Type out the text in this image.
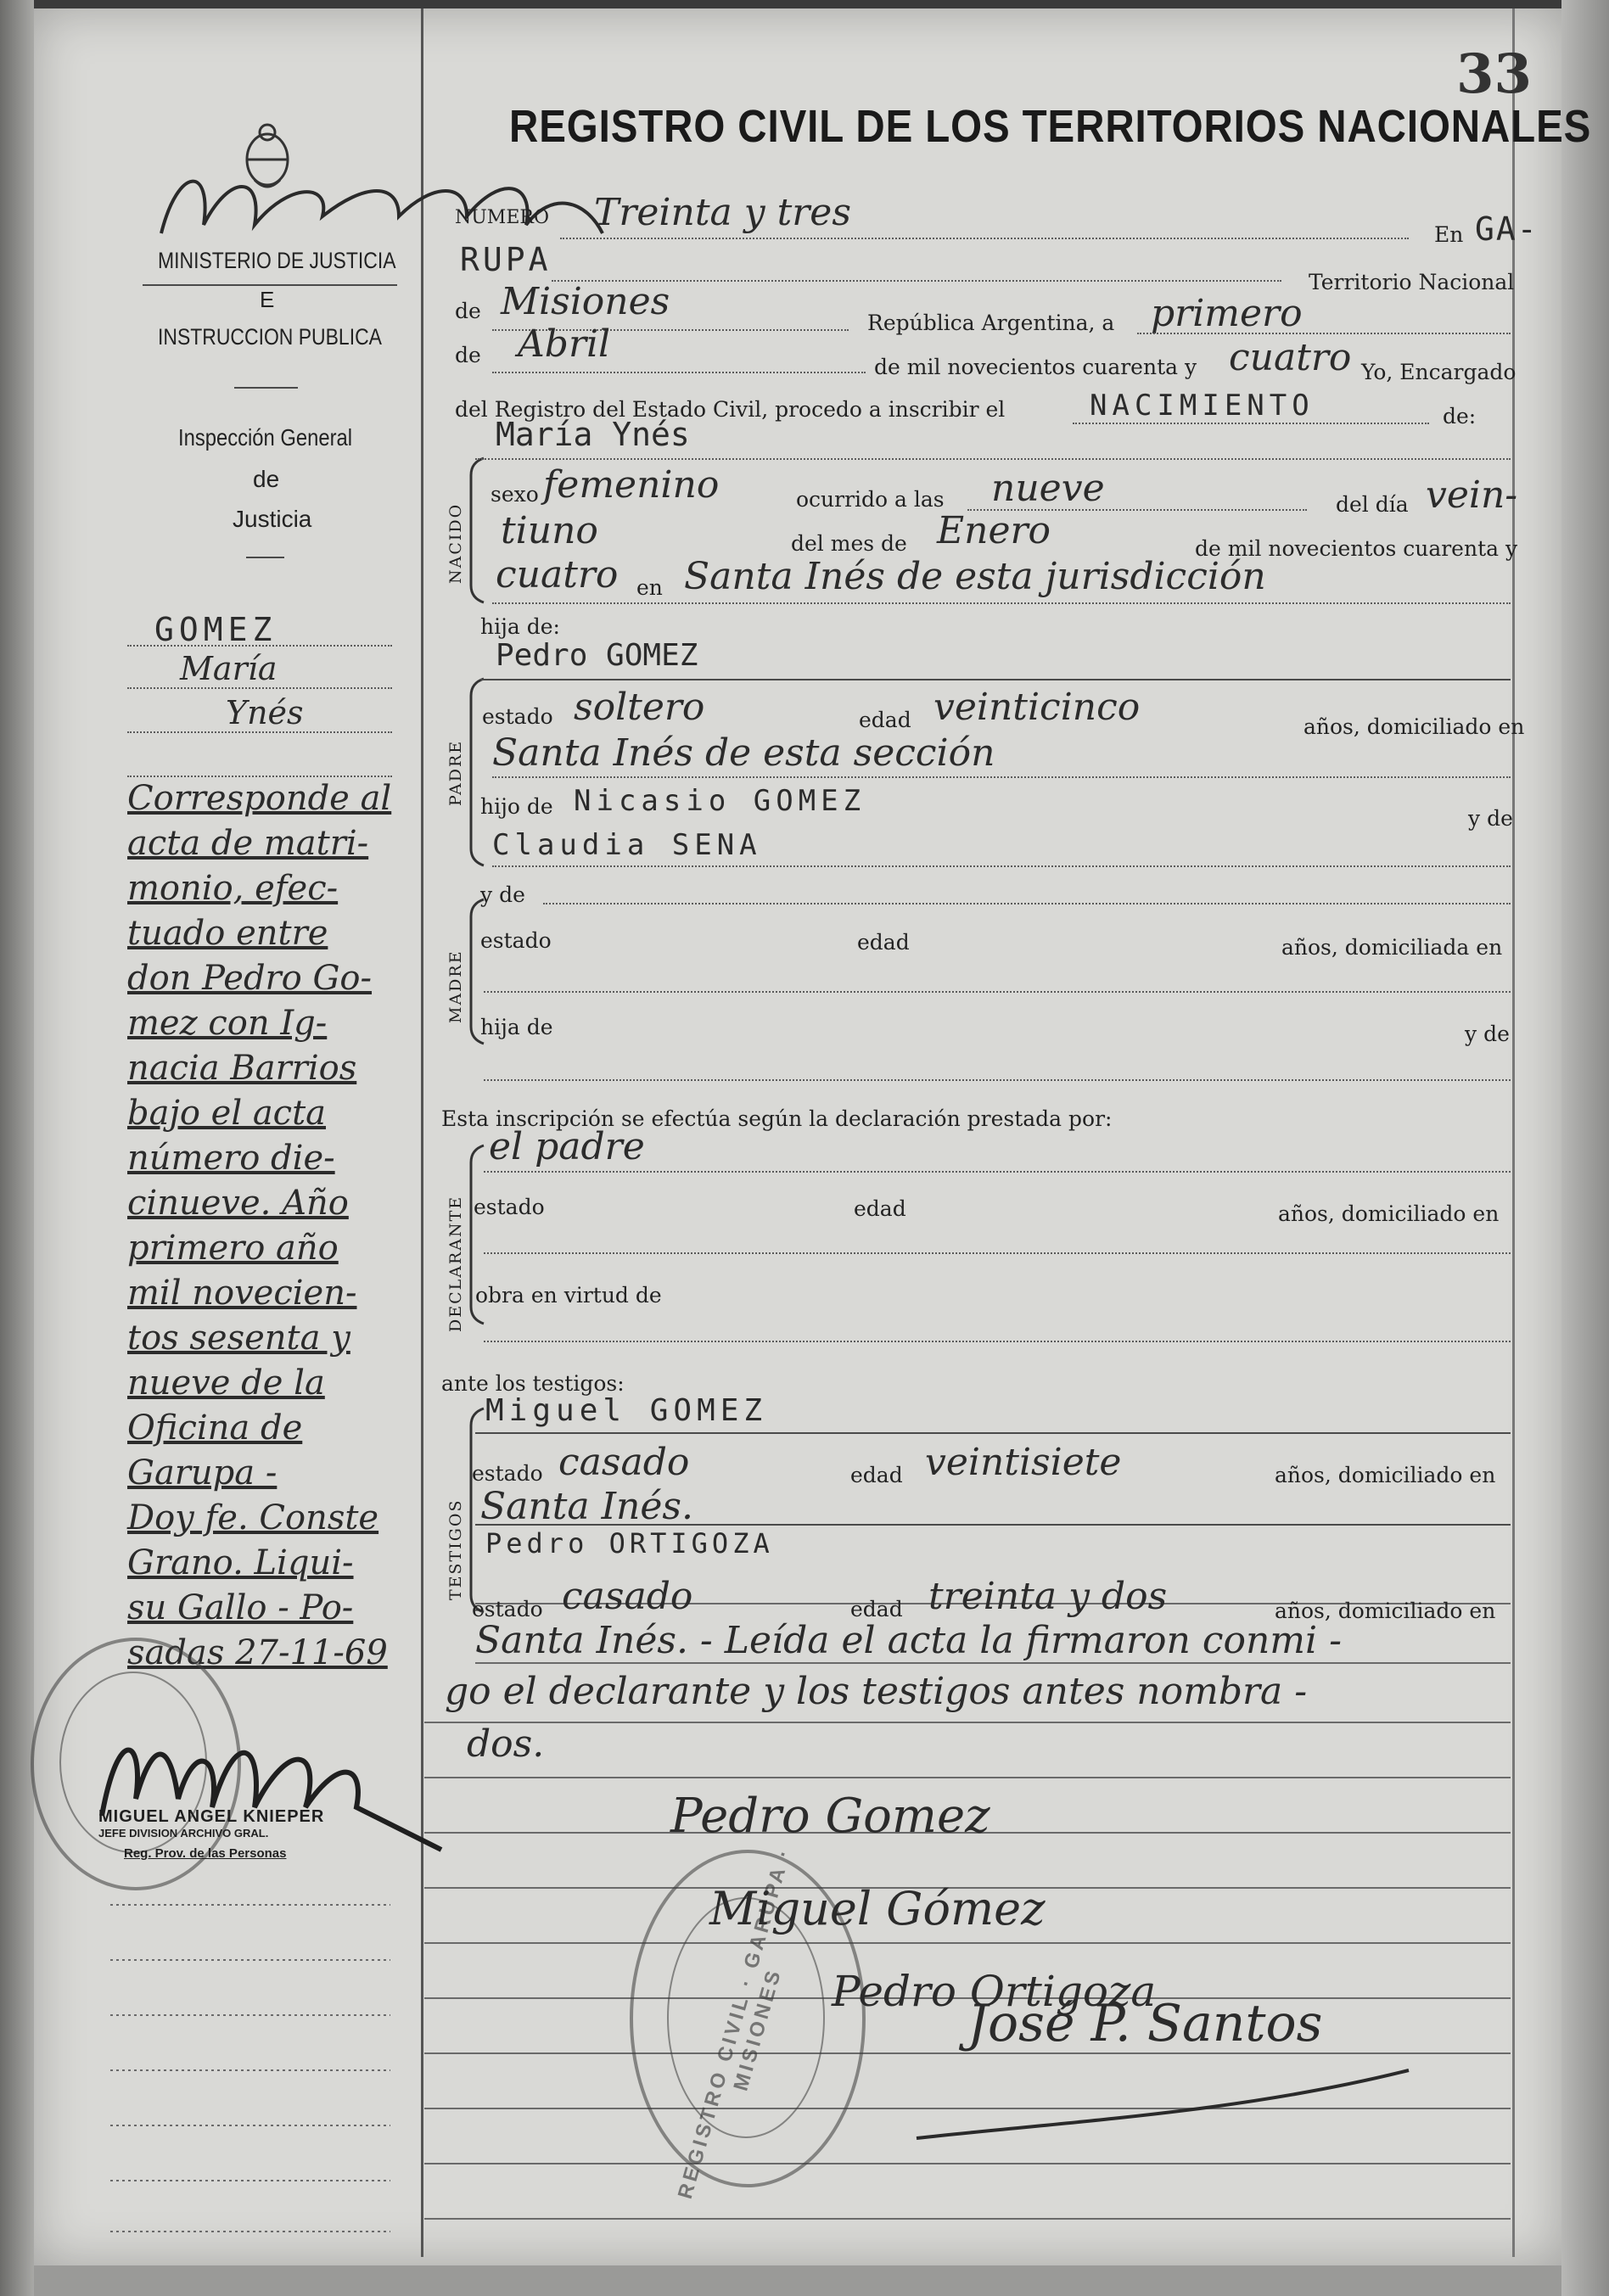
33
REGISTRO CIVIL DE LOS TERRITORIOS NACIONALES
MINISTERIO DE JUSTICIA
E
INSTRUCCION PUBLICA
Inspección General
de
Justicia
GOMEZ
María
Ynés
Corresponde al
acta de matri-
monio, efec-
tuado entre
don Pedro Go-
mez con Ig-
nacia Barrios
bajo el acta
número die-
cinueve. Año
primero año
mil novecien-
tos sesenta y
nueve de la
Oficina de
Garupa -
Doy fe. Conste
Grano. Liqui-
su Gallo - Po-
sadas 27-11-69
MIGUEL ANGEL KNIEPER
JEFE DIVISION ARCHIVO GRAL.
Reg. Prov. de las Personas
NUMERO Treinta y tres
En GA-
RUPA
Territorio Nacional
de Misiones	República Argentina, a primero
de Abril
de mil novecientos cuarenta y cuatro Yo, Encargado
del Registro del Estado Civil, procedo a inscribir el	NACIMIENTO	de:
María Ynés
NACIDO
sexo femenino	ocurrido a las nueve	del día vein-
tiuno	del mes de Enero	de mil novecientos cuarenta y
cuatro en Santa Inés de esta jurisdicción
hija de:
PADRE
Pedro GOMEZ
estado soltero	edad veinticinco	años, domiciliado en
Santa Inés de esta sección
hijo de Nicasio GOMEZ
y de
Claudia SENA
y de
MADRE
estado	edad	años, domiciliada en
hija de	y de
Esta inscripción se efectúa según la declaración prestada por:
el padre
DECLARANTE estado	edad	años, domiciliado en
obra en virtud de
ante los testigos:
TESTIGOS
Miguel GOMEZ
estado casado	edad veintisiete	años, domiciliado en
Santa Inés.
Pedro ORTIGOZA
estado casado	edad treinta y dos	años, domiciliado en
Santa Inés. - Leída el acta la firmaron conmi -
go el declarante y los testigos antes nombra -
dos.
REGISTRO CIVIL · GARUPA · MISIONES
Pedro Gomez
Miguel Gómez
Pedro Ortigoza
José P. Santos
